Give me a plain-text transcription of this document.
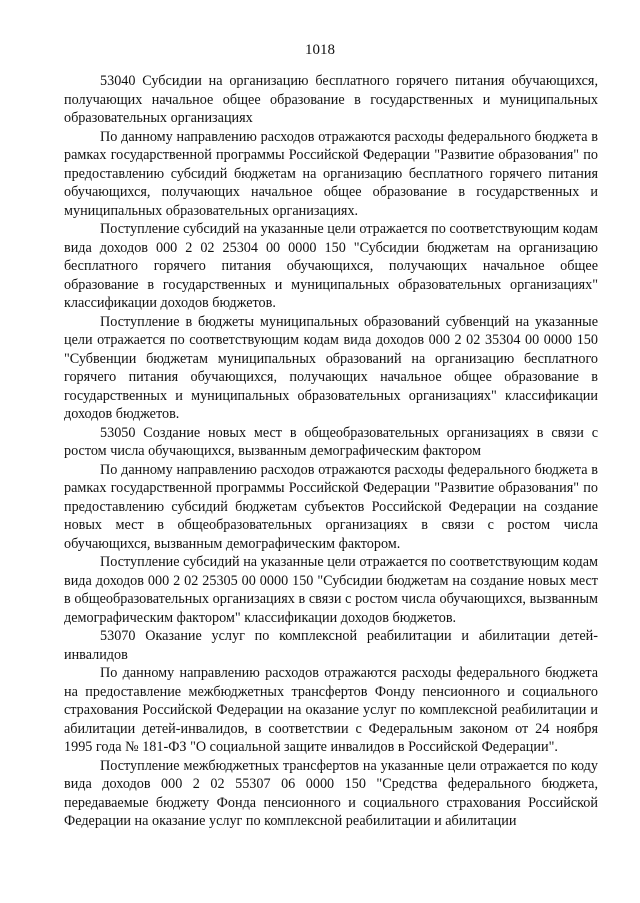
1018

53040 Субсидии на организацию бесплатного горячего питания обучающихся, получающих начальное общее образование в государственных и муниципальных образовательных организациях

По данному направлению расходов отражаются расходы федерального бюджета в рамках государственной программы Российской Федерации "Развитие образования" по предоставлению субсидий бюджетам на организацию бесплатного горячего питания обучающихся, получающих начальное общее образование в государственных и муниципальных образовательных организациях.

Поступление субсидий на указанные цели отражается по соответствующим кодам вида доходов 000 2 02 25304 00 0000 150 "Субсидии бюджетам на организацию бесплатного горячего питания обучающихся, получающих начальное общее образование в государственных и муниципальных образовательных организациях" классификации доходов бюджетов.

Поступление в бюджеты муниципальных образований субвенций на указанные цели отражается по соответствующим кодам вида доходов 000 2 02 35304 00 0000 150 "Субвенции бюджетам муниципальных образований на организацию бесплатного горячего питания обучающихся, получающих начальное общее образование в государственных и муниципальных образовательных организациях" классификации доходов бюджетов.

53050 Создание новых мест в общеобразовательных организациях в связи с ростом числа обучающихся, вызванным демографическим фактором

По данному направлению расходов отражаются расходы федерального бюджета в рамках государственной программы Российской Федерации "Развитие образования" по предоставлению субсидий бюджетам субъектов Российской Федерации на создание новых мест в общеобразовательных организациях в связи с ростом числа обучающихся, вызванным демографическим фактором.

Поступление субсидий на указанные цели отражается по соответствующим кодам вида доходов 000 2 02 25305 00 0000 150 "Субсидии бюджетам на создание новых мест в общеобразовательных организациях в связи с ростом числа обучающихся, вызванным демографическим фактором" классификации доходов бюджетов.

53070 Оказание услуг по комплексной реабилитации и абилитации детей-инвалидов

По данному направлению расходов отражаются расходы федерального бюджета на предоставление межбюджетных трансфертов Фонду пенсионного и социального страхования Российской Федерации на оказание услуг по комплексной реабилитации и абилитации детей-инвалидов, в соответствии с Федеральным законом от 24 ноября 1995 года № 181-ФЗ "О социальной защите инвалидов в Российской Федерации".

Поступление межбюджетных трансфертов на указанные цели отражается по коду вида доходов 000 2 02 55307 06 0000 150 "Средства федерального бюджета, передаваемые бюджету Фонда пенсионного и социального страхования Российской Федерации на оказание услуг по комплексной реабилитации и абилитации
